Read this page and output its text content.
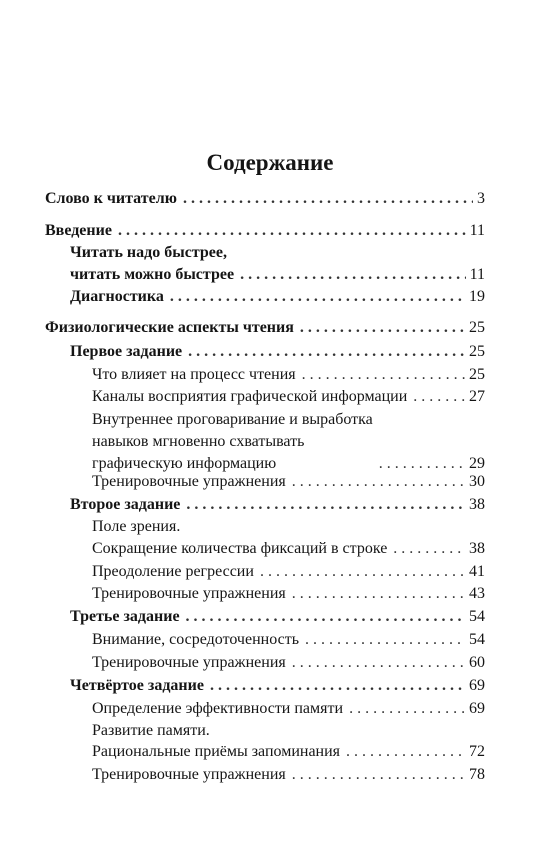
Содержание
Слово к читателю . . .	3
Введение . . .	11
Читать надо быстрее,
читать можно быстрее . . .	11
Диагностика . . .	19
Физиологические аспекты чтения . . .	25
Первое задание . . .	25
Что влияет на процесс чтения . . .	25
Каналы восприятия графической информации . . .	27
Внутреннее проговаривание и выработка
навыков мгновенно схватывать
графическую информацию . . .	29
Тренировочные упражнения . . .	30
Второе задание . . .	38
Поле зрения.
Сокращение количества фиксаций в строке . . .	38
Преодоление регрессии . . .	41
Тренировочные упражнения . . .	43
Третье задание . . .	54
Внимание, сосредоточенность . . .	54
Тренировочные упражнения . . .	60
Четвёртое задание . . .	69
Определение эффективности памяти . . .	69
Развитие памяти.
Рациональные приёмы запоминания . . .	72
Тренировочные упражнения . . .	78
